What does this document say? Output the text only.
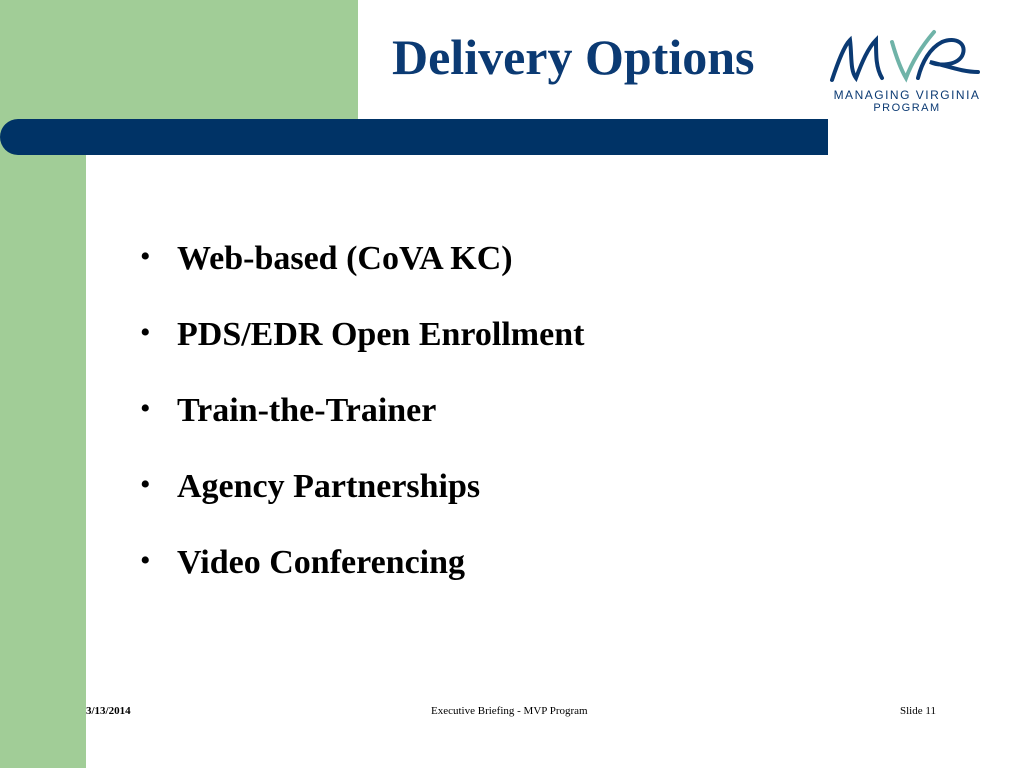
Delivery Options
MANAGING VIRGINIA
PROGRAM
• Web-based (CoVA KC)
• PDS/EDR Open Enrollment
• Train-the-Trainer
• Agency Partnerships
• Video Conferencing
3/13/2014	Executive Briefing - MVP Program	Slide 11
